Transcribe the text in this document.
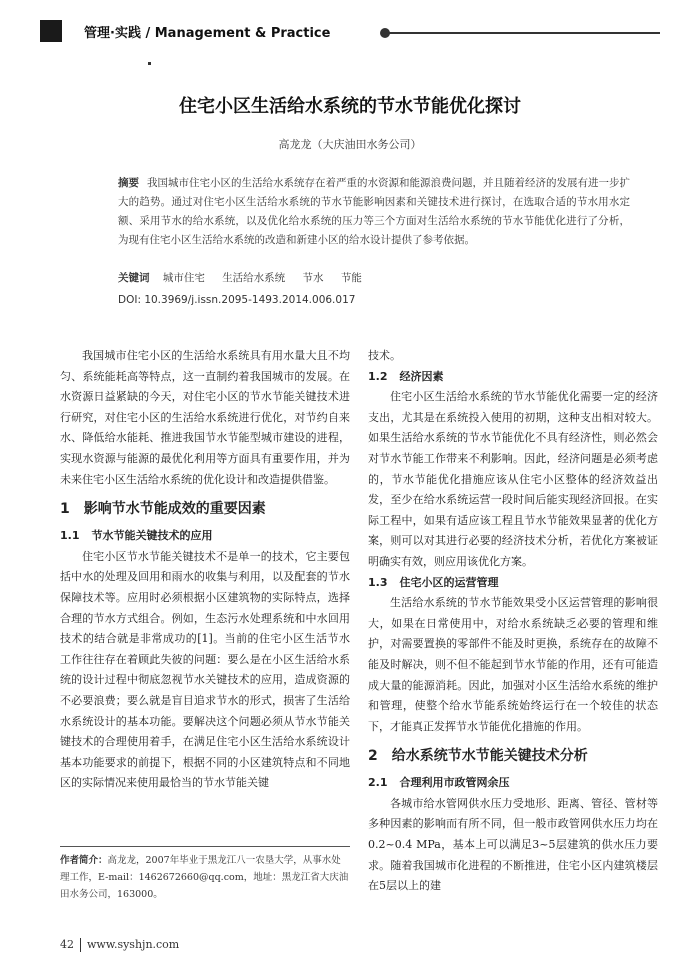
管理·实践 / Management & Practice
住宅小区生活给水系统的节水节能优化探讨
高龙龙（大庆油田水务公司）
摘要 我国城市住宅小区的生活给水系统存在着严重的水资源和能源浪费问题，并且随着经济的发展有进一步扩大的趋势。通过对住宅小区生活给水系统的节水节能影响因素和关键技术进行探讨，在选取合适的节水用水定额、采用节水的给水系统，以及优化给水系统的压力等三个方面对生活给水系统的节水节能优化进行了分析，为现有住宅小区生活给水系统的改造和新建小区的给水设计提供了参考依据。
关键词 城市住宅 生活给水系统 节水 节能
DOI: 10.3969/j.issn.2095-1493.2014.006.017

我国城市住宅小区的生活给水系统具有用水量大且不均匀、系统能耗高等特点，这一直制约着我国城市的发展。在水资源日益紧缺的今天，对住宅小区的节水节能关键技术进行研究，对住宅小区的生活给水系统进行优化，对节约自来水、降低给水能耗、推进我国节水节能型城市建设的进程，实现水资源与能源的最优化利用等方面具有重要作用，并为未来住宅小区生活给水系统的优化设计和改造提供借鉴。

1 影响节水节能成效的重要因素
1.1 节水节能关键技术的应用

住宅小区节水节能关键技术不是单一的技术，它主要包括中水的处理及回用和雨水的收集与利用，以及配套的节水保障技术等。应用时必须根据小区建筑物的实际特点，选择合理的节水方式组合。例如，生态污水处理系统和中水回用技术的结合就是非常成功的[1]。当前的住宅小区生活节水工作往往存在着顾此失彼的问题：要么是在小区生活给水系统的设计过程中彻底忽视节水关键技术的应用，造成资源的不必要浪费；要么就是盲目追求节水的形式，损害了生活给水系统设计的基本功能。要解决这个问题必须从节水节能关键技术的合理使用着手，在满足住宅小区生活给水系统设计基本功能要求的前提下，根据不同的小区建筑特点和不同地区的实际情况来使用最恰当的节水节能关键

技术。

1.2 经济因素

住宅小区生活给水系统的节水节能优化需要一定的经济支出，尤其是在系统投入使用的初期，这种支出相对较大。如果生活给水系统的节水节能优化不具有经济性，则必然会对节水节能工作带来不利影响。因此，经济问题是必须考虑的，节水节能优化措施应该从住宅小区整体的经济效益出发，至少在给水系统运营一段时间后能实现经济回报。在实际工程中，如果有适应该工程且节水节能效果显著的优化方案，则可以对其进行必要的经济技术分析，若优化方案被证明确实有效，则应用该优化方案。

1.3 住宅小区的运营管理

生活给水系统的节水节能效果受小区运营管理的影响很大，如果在日常使用中，对给水系统缺乏必要的管理和维护，对需要置换的零部件不能及时更换，系统存在的故障不能及时解决，则不但不能起到节水节能的作用，还有可能造成大量的能源消耗。因此，加强对小区生活给水系统的维护和管理，使整个给水节能系统始终运行在一个较佳的状态下，才能真正发挥节水节能优化措施的作用。

2 给水系统节水节能关键技术分析
2.1 合理利用市政管网余压

各城市给水管网供水压力受地形、距离、管径、管材等多种因素的影响而有所不同，但一般市政管网供水压力均在0.2~0.4 MPa，基本上可以满足3~5层建筑的供水压力要求。随着我国城市化进程的不断推进，住宅小区内建筑楼层在5层以上的建

作者简介：高龙龙，2007年毕业于黑龙江八一农垦大学，从事水处理工作，E-mail：1462672660@qq.com，地址：黑龙江省大庆油田水务公司，163000。
42 www.syshjn.com
